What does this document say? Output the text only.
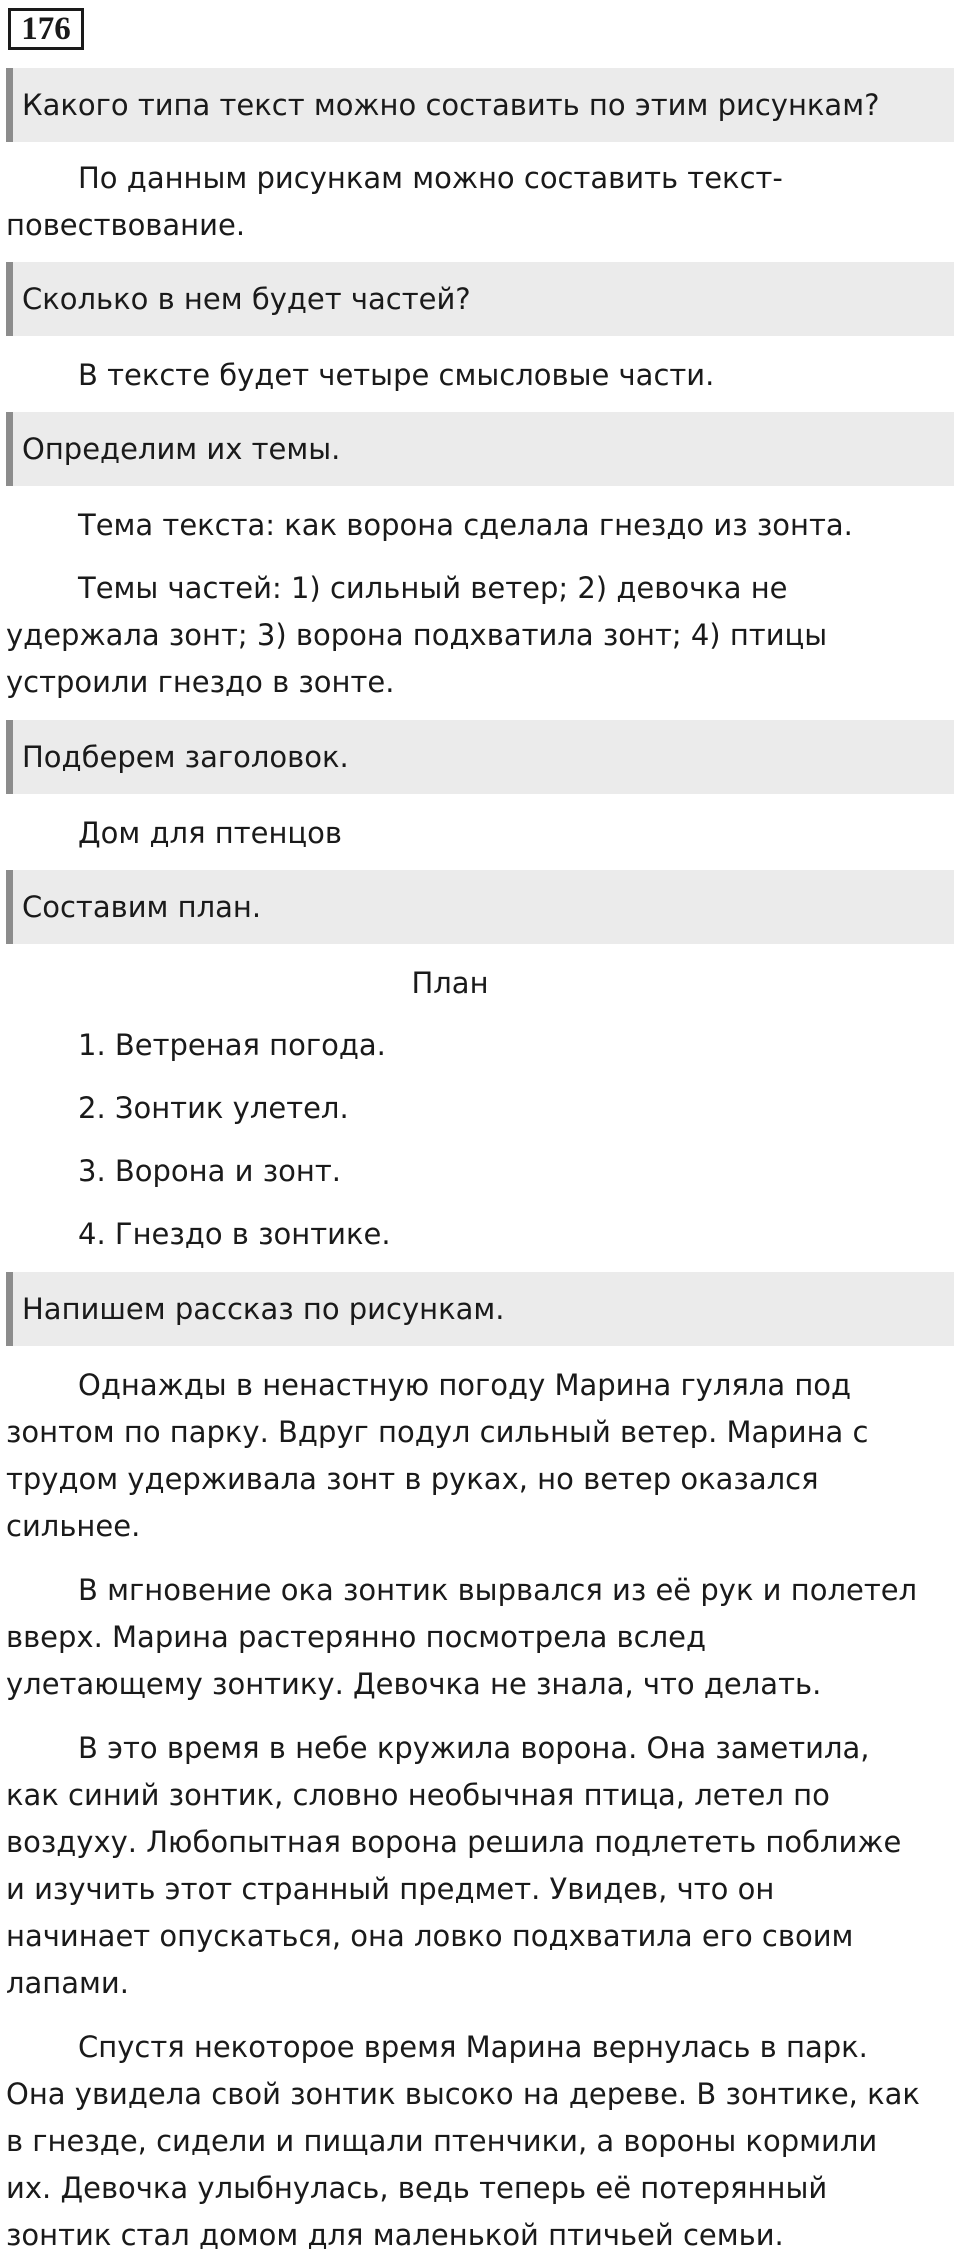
176
Какого типа текст можно составить по этим рисункам?

По данным рисункам можно составить текст-
повествование.

Сколько в нем будет частей?

В тексте будет четыре смысловые части.

Определим их темы.

Тема текста: как ворона сделала гнездо из зонта.

Темы частей: 1) сильный ветер; 2) девочка не
удержала зонт; 3) ворона подхватила зонт; 4) птицы
устроили гнездо в зонте.

Подберем заголовок.

Дом для птенцов

Составим план.

План

1. Ветреная погода.
2. Зонтик улетел.
3. Ворона и зонт.
4. Гнездо в зонтике.
Напишем рассказ по рисункам.

Однажды в ненастную погоду Марина гуляла под
зонтом по парку. Вдруг подул сильный ветер. Марина с
трудом удерживала зонт в руках, но ветер оказался
сильнее.

В мгновение ока зонтик вырвался из её рук и полетел
вверх. Марина растерянно посмотрела вслед
улетающему зонтику. Девочка не знала, что делать.

В это время в небе кружила ворона. Она заметила,
как синий зонтик, словно необычная птица, летел по
воздуху. Любопытная ворона решила подлететь поближе
и изучить этот странный предмет. Увидев, что он
начинает опускаться, она ловко подхватила его своим
лапами.

Спустя некоторое время Марина вернулась в парк.
Она увидела свой зонтик высоко на дереве. В зонтике, как
в гнезде, сидели и пищали птенчики, а вороны кормили
их. Девочка улыбнулась, ведь теперь её потерянный
зонтик стал домом для маленькой птичьей семьи.
